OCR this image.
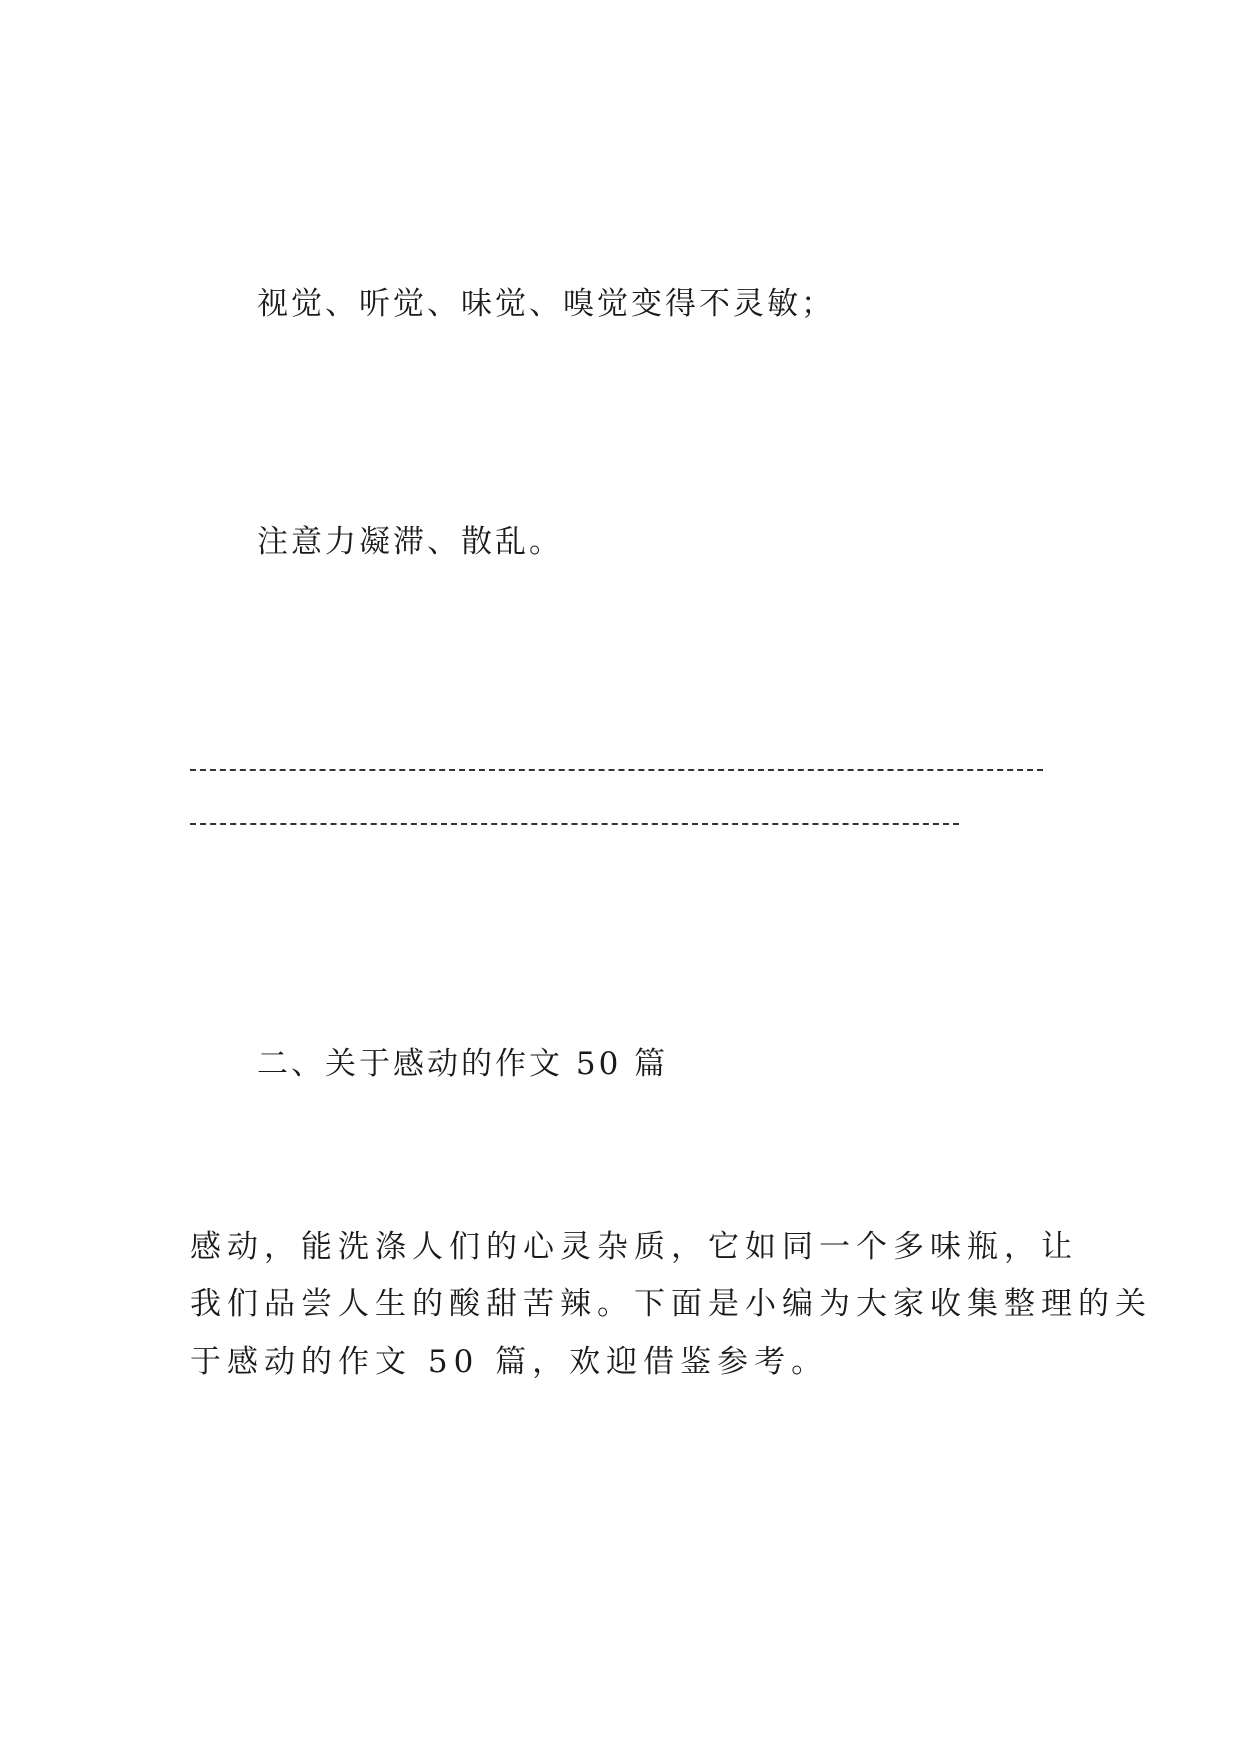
视觉、听觉、味觉、嗅觉变得不灵敏；
注意力凝滞、散乱。
二、关于感动的作文 50 篇
感动，能洗涤人们的心灵杂质，它如同一个多味瓶，让
我们品尝人生的酸甜苦辣。下面是小编为大家收集整理的关
于感动的作文 50 篇，欢迎借鉴参考。
